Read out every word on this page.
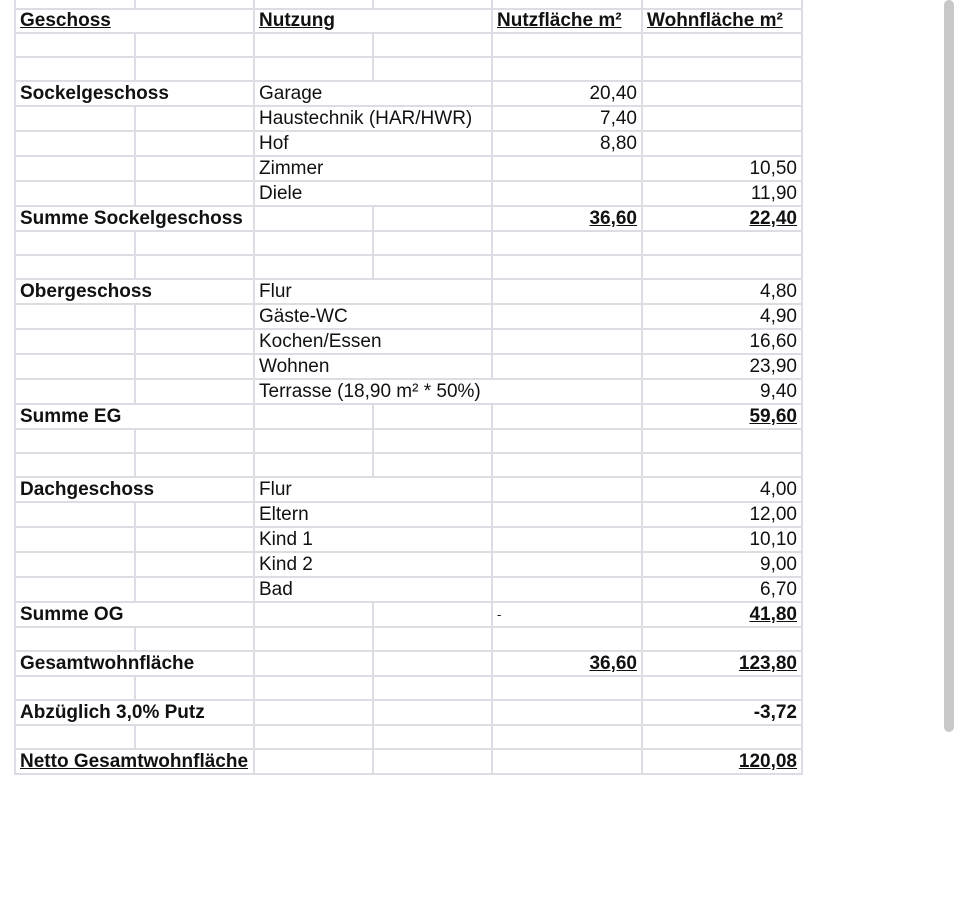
Geschoss		Nutzung		Nutzfläche m²	Wohnfläche m²

Sockelgeschoss		Garage		20,40	
		Haustechnik (HAR/HWR)		7,40	
		Hof		8,80	
		Zimmer			10,50
		Diele			11,90
Summe Sockelgeschoss				36,60	22,40

Obergeschoss		Flur			4,80
		Gäste-WC			4,90
		Kochen/Essen			16,60
		Wohnen			23,90
		Terrasse (18,90 m² * 50%)			9,40
Summe EG					59,60

Dachgeschoss		Flur			4,00
		Eltern			12,00
		Kind 1			10,10
		Kind 2			9,00
		Bad			6,70
Summe OG				-	41,80

Gesamtwohnfläche				36,60	123,80

Abzüglich 3,0% Putz					-3,72

Netto Gesamtwohnfläche					120,08
